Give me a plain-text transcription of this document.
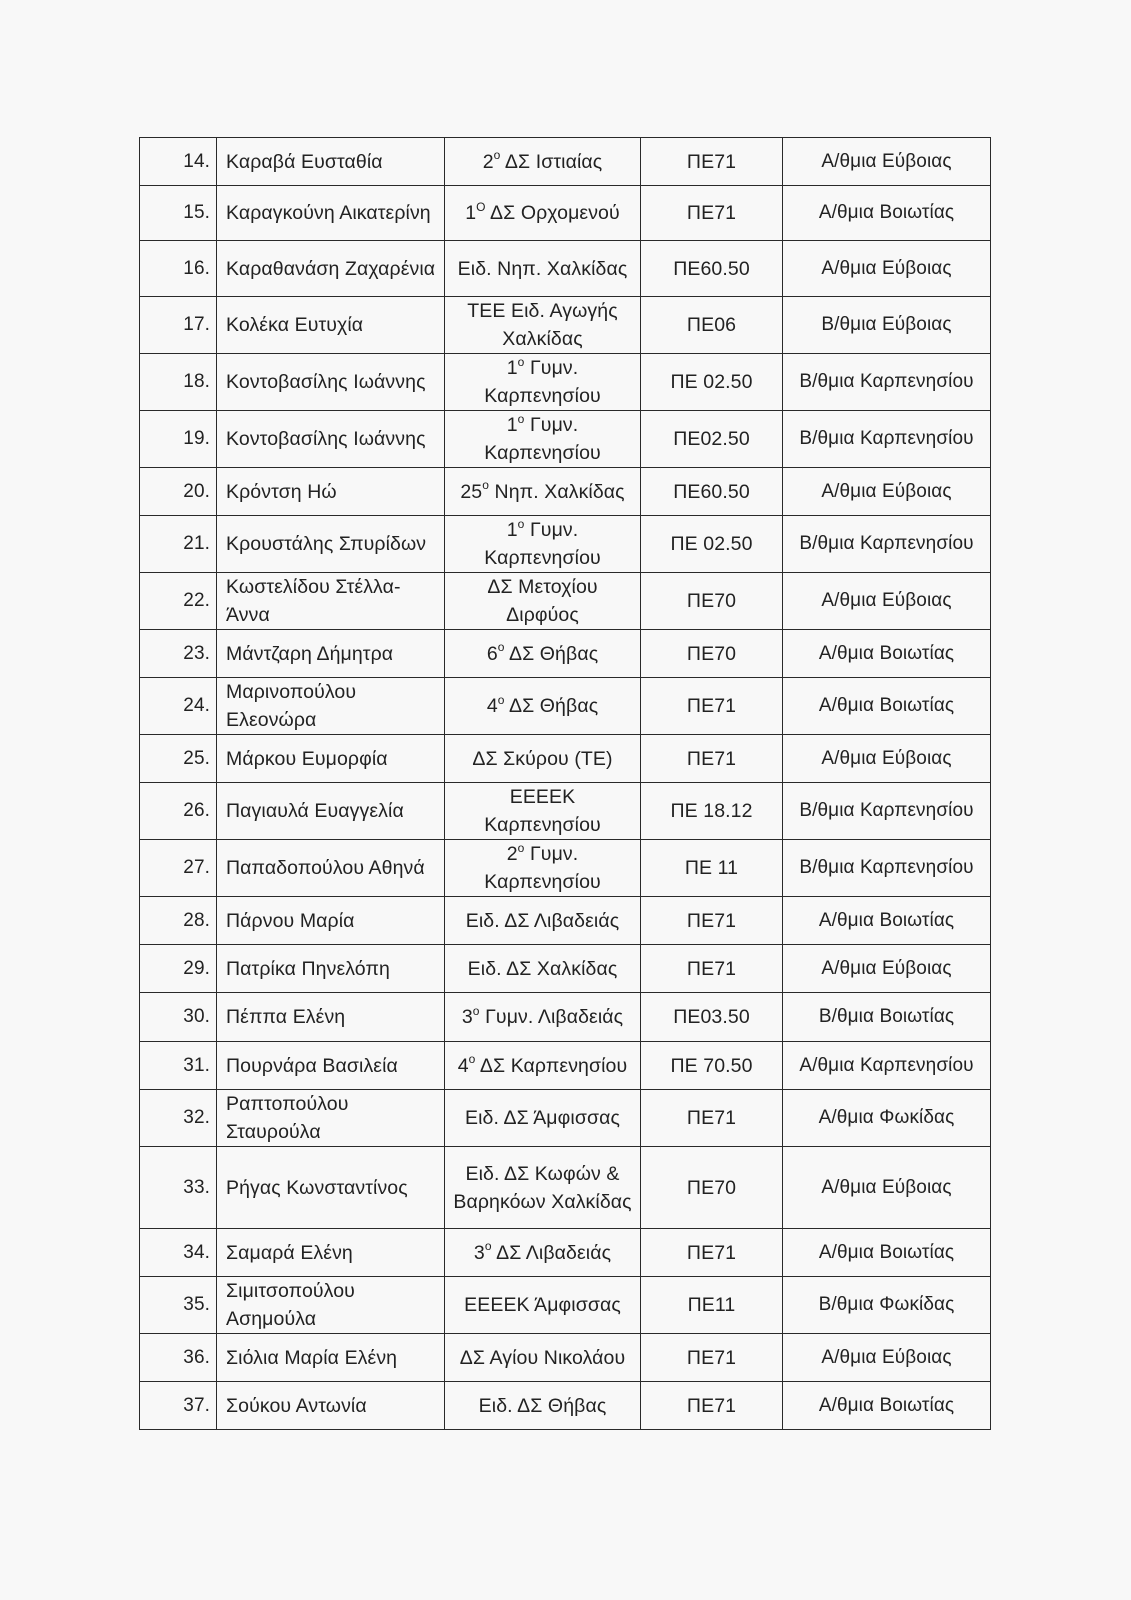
14.	Καραβά Ευσταθία	$2^o$ ΔΣ Ιστιαίας	ΠΕ71	Α/θμια Εύβοιας
15.	Καραγκούνη Αικατερίνη	$1^O$ ΔΣ Ορχομενού	ΠΕ71	Α/θμια Βοιωτίας
16.	Καραθανάση Ζαχαρένια	Ειδ. Νηπ. Χαλκίδας	ΠΕ60.50	Α/θμια Εύβοιας
17.	Κολέκα Ευτυχία	ΤΕΕ Ειδ. Αγωγής Χαλκίδας	ΠΕ06	Β/θμια Εύβοιας
18.	Κοντοβασίλης Ιωάννης	$1^o$ Γυμν. Καρπενησίου	ΠΕ 02.50	Β/θμια Καρπενησίου
19.	Κοντοβασίλης Ιωάννης	$1^o$ Γυμν. Καρπενησίου	ΠΕ02.50	Β/θμια Καρπενησίου
20.	Κρόντση Ηώ	$25^o$ Νηπ. Χαλκίδας	ΠΕ60.50	Α/θμια Εύβοιας
21.	Κρουστάλης Σπυρίδων	$1^o$ Γυμν. Καρπενησίου	ΠΕ 02.50	Β/θμια Καρπενησίου
22.	Κωστελίδου Στέλλα-Άννα	ΔΣ Μετοχίου Διρφύος	ΠΕ70	Α/θμια Εύβοιας
23.	Μάντζαρη Δήμητρα	$6^o$ ΔΣ Θήβας	ΠΕ70	Α/θμια Βοιωτίας
24.	Μαρινοπούλου Ελεονώρα	$4^o$ ΔΣ Θήβας	ΠΕ71	Α/θμια Βοιωτίας
25.	Μάρκου Ευμορφία	ΔΣ Σκύρου (ΤΕ)	ΠΕ71	Α/θμια Εύβοιας
26.	Παγιαυλά Ευαγγελία	ΕΕΕΕΚ Καρπενησίου	ΠΕ 18.12	Β/θμια Καρπενησίου
27.	Παπαδοπούλου Αθηνά	$2^o$ Γυμν. Καρπενησίου	ΠΕ 11	Β/θμια Καρπενησίου
28.	Πάρνου Μαρία	Ειδ. ΔΣ Λιβαδειάς	ΠΕ71	Α/θμια Βοιωτίας
29.	Πατρίκα Πηνελόπη	Ειδ. ΔΣ Χαλκίδας	ΠΕ71	Α/θμια Εύβοιας
30.	Πέππα Ελένη	$3^o$ Γυμν. Λιβαδειάς	ΠΕ03.50	Β/θμια Βοιωτίας
31.	Πουρνάρα Βασιλεία	$4^o$ ΔΣ Καρπενησίου	ΠΕ 70.50	Α/θμια Καρπενησίου
32.	Ραπτοπούλου Σταυρούλα	Ειδ. ΔΣ Άμφισσας	ΠΕ71	Α/θμια Φωκίδας
33.	Ρήγας Κωνσταντίνος	Ειδ. ΔΣ Κωφών & Βαρηκόων Χαλκίδας	ΠΕ70	Α/θμια Εύβοιας
34.	Σαμαρά Ελένη	$3^o$ ΔΣ Λιβαδειάς	ΠΕ71	Α/θμια Βοιωτίας
35.	Σιμιτσοπούλου Ασημούλα	ΕΕΕΕΚ Άμφισσας	ΠΕ11	Β/θμια Φωκίδας
36.	Σιόλια Μαρία Ελένη	ΔΣ Αγίου Νικολάου	ΠΕ71	Α/θμια Εύβοιας
37.	Σούκου Αντωνία	Ειδ. ΔΣ Θήβας	ΠΕ71	Α/θμια Βοιωτίας
